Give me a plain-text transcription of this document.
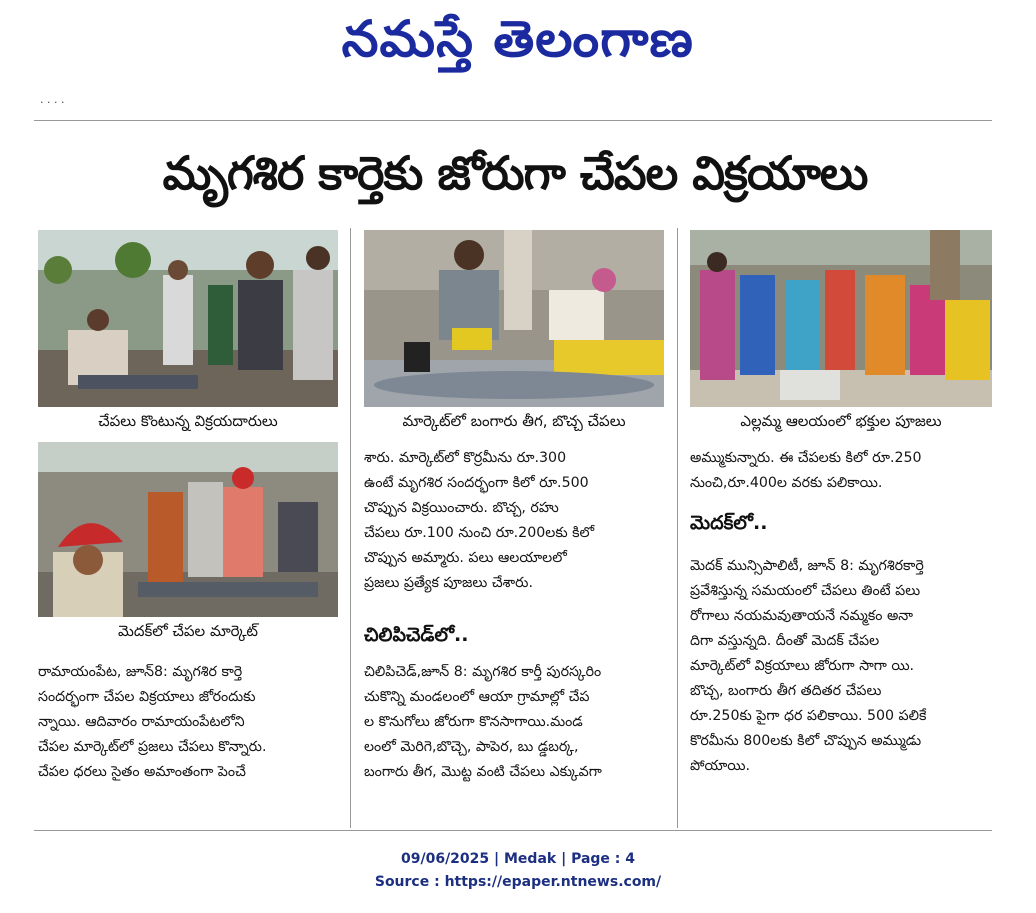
నమస్తే తెలంగాణ
· · · ·
మృగశిర కార్తెకు జోరుగా చేపల విక్రయాలు
చేపలు కొంటున్న విక్రయదారులు	మార్కెట్‌లో బంగారు తీగ, బొచ్చ చేపలు	ఎల్లమ్మ ఆలయంలో భక్తుల పూజలు
మెదక్‌లో చేపల మార్కెట్

రామాయంపేట, జూన్8: మృగశిర కార్తె

సందర్భంగా చేపల విక్రయాలు జోరందుకు

న్నాయి. ఆదివారం రామాయంపేటలోని

చేపల మార్కెట్‌లో ప్రజలు చేపలు కొన్నారు.

చేపల ధరలు సైతం అమాంతంగా పెంచే

శారు. మార్కెట్‌లో కొర్రమీను రూ.300

ఉంటే మృగశిర సందర్భంగా కిలో రూ.500

చొప్పున విక్రయించారు. బొచ్చ, రహు

చేపలు రూ.100 నుంచి రూ.200లకు కిలో

చొప్పున అమ్మారు. పలు ఆలయాలలో

ప్రజలు ప్రత్యేక పూజలు చేశారు.

చిలిపిచెడ్‌లో..

చిలిపిచెడ్,జూన్ 8: మృగశిర కార్తీ పురస్కరిం

చుకొన్ని మండలంలో ఆయా గ్రామాల్లో చేప

ల కొనుగోలు జోరుగా కొనసాగాయి.మండ

లంలో మెరిగె,బొచ్చె, పాపెర, బు డ్డబర్క,

బంగారు తీగ, మొట్ట వంటి చేపలు ఎక్కువగా

అమ్ముకున్నారు. ఈ చేపలకు కిలో రూ.250

నుంచి,రూ.400ల వరకు పలికాయి.

మెదక్‌లో..

మెదక్ మున్సిపాలిటీ, జూన్ 8: మృగశిరకార్తె

ప్రవేశిస్తున్న సమయంలో చేపలు తింటే పలు

రోగాలు నయమవుతాయనే నమ్మకం అనా

దిగా వస్తున్నది. దీంతో మెదక్ చేపల

మార్కెట్‌లో విక్రయాలు జోరుగా సాగా యి.

బొచ్చ, బంగారు తీగ తదితర చేపలు

రూ.250కు పైగా ధర పలికాయి. 500 పలికే

కొరమీను 800లకు కిలో చొప్పున అమ్ముడు

పోయాయి.

09/06/2025 | Medak | Page : 4
Source : https://epaper.ntnews.com/
